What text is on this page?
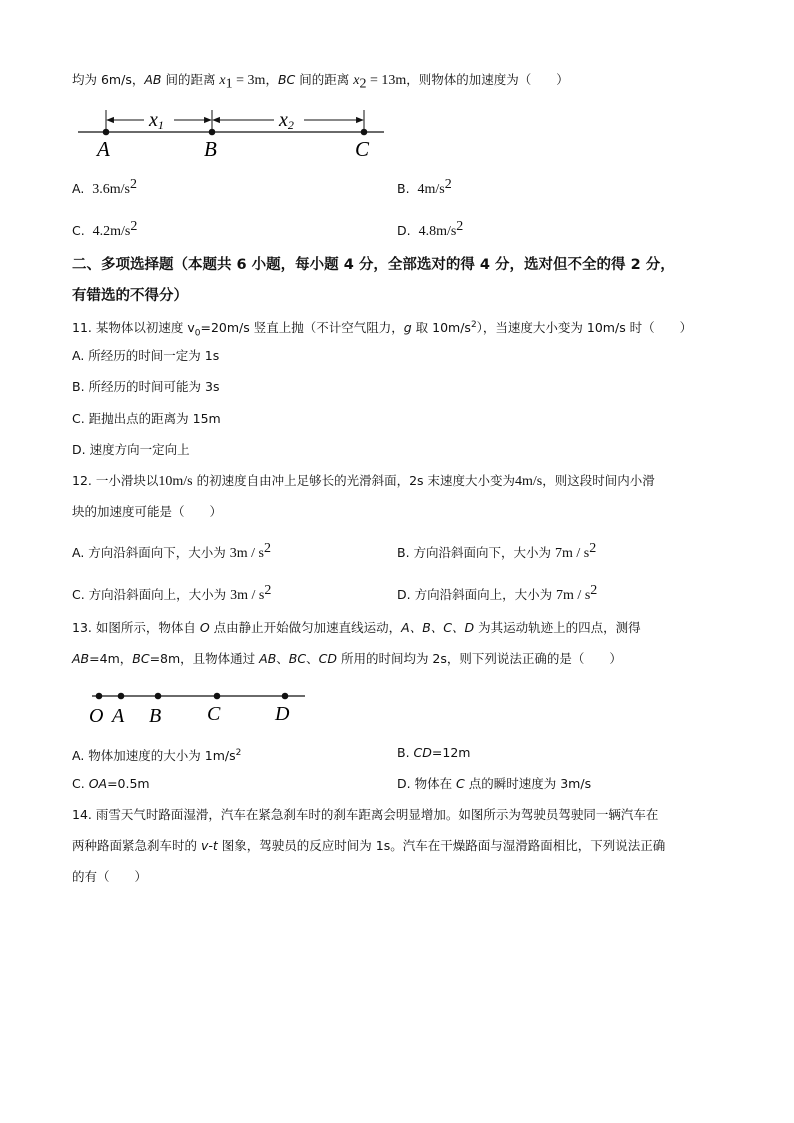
均为 6m/s，AB 间的距离 $x_1 = 3m$，BC 间的距离 $x_2 = 13m$，则物体的加速度为（　　）
x1	x2
A	B	C
A. $3.6m/s^2$	B. $4m/s^2$
C. $4.2m/s^2$	D. $4.8m/s^2$
二、多项选择题（本题共 6 小题，每小题 4 分，全部选对的得 4 分，选对但不全的得 2 分，
有错选的不得分）
11. 某物体以初速度 $v_0=20m/s$ 竖直上抛（不计空气阻力，g 取 $10m/s^2$），当速度大小变为 10m/s 时（　　）
A. 所经历的时间一定为 1s
B. 所经历的时间可能为 3s
C. 距抛出点的距离为 15m
D. 速度方向一定向上
12. 一小滑块以10m/s 的初速度自由冲上足够长的光滑斜面，2s 末速度大小变为4m/s，则这段时间内小滑
块的加速度可能是（　　）
A. 方向沿斜面向下，大小为 $3m / s^2$	B. 方向沿斜面向下，大小为 $7m / s^2$
C. 方向沿斜面向上，大小为 $3m / s^2$	D. 方向沿斜面向上，大小为 $7m / s^2$
13. 如图所示，物体自 O 点由静止开始做匀加速直线运动，A、B、C、D 为其运动轨迹上的四点，测得
AB=4m，BC=8m，且物体通过 AB、BC、CD 所用的时间均为 2s，则下列说法正确的是（　　）
O A B C	D
A. 物体加速度的大小为 $1m/s^2$	B. CD=12m
C. OA=0.5m	D. 物体在 C 点的瞬时速度为 3m/s
14. 雨雪天气时路面湿滑，汽车在紧急刹车时的刹车距离会明显增加。如图所示为驾驶员驾驶同一辆汽车在
两种路面紧急刹车时的 v-t 图象，驾驶员的反应时间为 1s。汽车在干燥路面与湿滑路面相比，下列说法正确
的有（　　）
